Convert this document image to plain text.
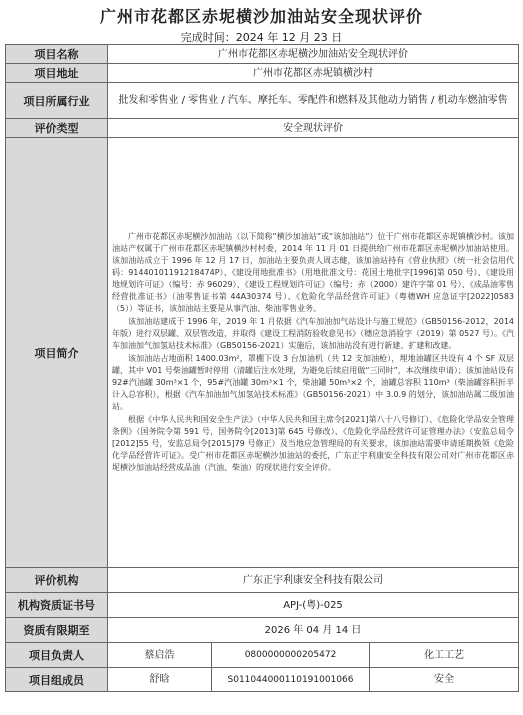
广州市花都区赤坭横沙加油站安全现状评价
完成时间：2024 年 12 月 23 日
项目名称	广州市花都区赤坭横沙加油站安全现状评价		
项目地址	广州市花都区赤坭镇横沙村		
项目所属行业	批发和零售业 / 零售业 / 汽车、摩托车、零配件和燃料及其他动力销售 / 机动车燃油零售		
评价类型	安全现状评价		
项目简介	广州市花都区赤坭横沙加油站（以下简称“横沙加油站”或“该加油站”）位于广州市花都区赤坭镇横沙村。该加油站产权属于广州市花都区赤坭镇横沙村村委，2014 年 11 月 01 日提供给广州市花都区赤坭横沙加油站使用。该加油站成立于 1996 年 12 月 17 日，加油站主要负责人周志健，该加油站持有《营业执照》（统一社会信用代码：91440101191218474P）、《建设用地批准书》（用地批准文号：花国土地批字[1996]第 050 号）、《建设用地规划许可证》（编号：赤 96029）、《建设工程规划许可证》（编号：赤（2000）建许字第 01 号）、《成品油零售经营批准证书》（油零售证书第 44A30374 号）、《危险化学品经营许可证》（粤穗WH 应急证字[2022]0583（5））等证书，该加油站主要是从事汽油、柴油零售业务。

该加油站建成于 1996 年，2019 年 1 月依据《汽车加油加气站设计与施工规范》（GB50156-2012，2014 年版）进行双层罐、双层管改造，并取得《建设工程消防验收意见书》（穗应急消验字（2019）第 0527 号）。《汽车加油加气加氢站技术标准》（GB50156-2021）实施后，该加油站没有进行新建、扩建和改建。

该加油站占地面积 1400.03m²，罩棚下设 3 台加油机（共 12 支加油枪），埋地油罐区共设有 4 个 SF 双层罐，其中 V01 号柴油罐暂时停用（清罐后注水处理，为避免后续启用做“三同时”，本次继续申请）；该加油站设有 92#汽油罐 30m³×1 个，95#汽油罐 30m³×1 个，柴油罐 50m³×2 个，油罐总容积 110m³（柴油罐容积折半计入总容积），根据《汽车加油加气加氢站技术标准》（GB50156-2021）中 3.0.9 的划分，该加油站属二级加油站。

根据《中华人民共和国安全生产法》（中华人民共和国主席令[2021]第八十八号修订）、《危险化学品安全管理条例》（国务院令第 591 号，国务院令[2013]第 645 号修改）、《危险化学品经营许可证管理办法》（安监总局令[2012]55 号，安监总局令[2015]79 号修正）及当地应急管理局的有关要求，该加油站需要申请延期换领《危险化学品经营许可证》。受广州市花都区赤坭横沙加油站的委托，广东正宇利康安全科技有限公司对广州市花都区赤坭横沙加油站经营成品油（汽油、柴油）的现状进行安全评价。		

评价机构	广东正宇利康安全科技有限公司		
机构资质证书号	APJ-(粤)-025		
资质有限期至	2026 年 04 月 14 日		
项目负责人	蔡启浩	0800000000205472	化工工艺
项目组成员	舒晗	S011044000110191001066	安全
